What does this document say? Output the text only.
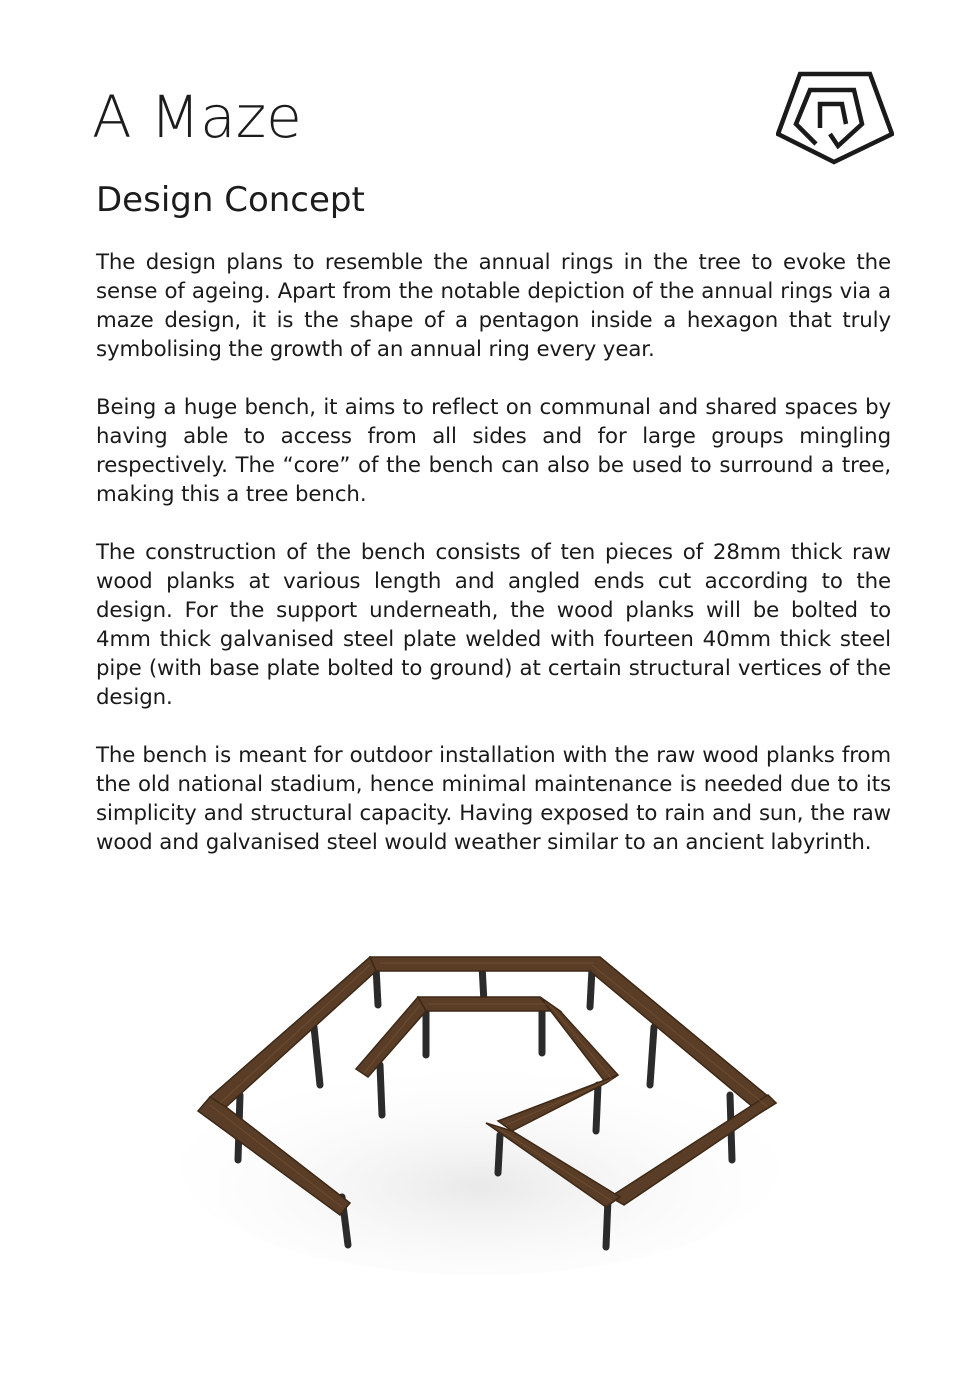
A Maze
Design Concept

The design plans to resemble the annual rings in the tree to evoke the sense of ageing. Apart from the notable depiction of the annual rings via a maze design, it is the shape of a pentagon inside a hexagon that truly symbolising the growth of an annual ring every year.

Being a huge bench, it aims to reflect on communal and shared spaces by having able to access from all sides and for large groups mingling respectively. The “core” of the bench can also be used to surround a tree, making this a tree bench.

The construction of the bench consists of ten pieces of 28mm thick raw wood planks at various length and angled ends cut according to the design. For the support underneath, the wood planks will be bolted to 4mm thick galvanised steel plate welded with fourteen 40mm thick steel pipe (with base plate bolted to ground) at certain structural vertices of the design.

The bench is meant for outdoor installation with the raw wood planks from the old national stadium, hence minimal maintenance is needed due to its simplicity and structural capacity. Having exposed to rain and sun, the raw wood and galvanised steel would weather similar to an ancient labyrinth.
